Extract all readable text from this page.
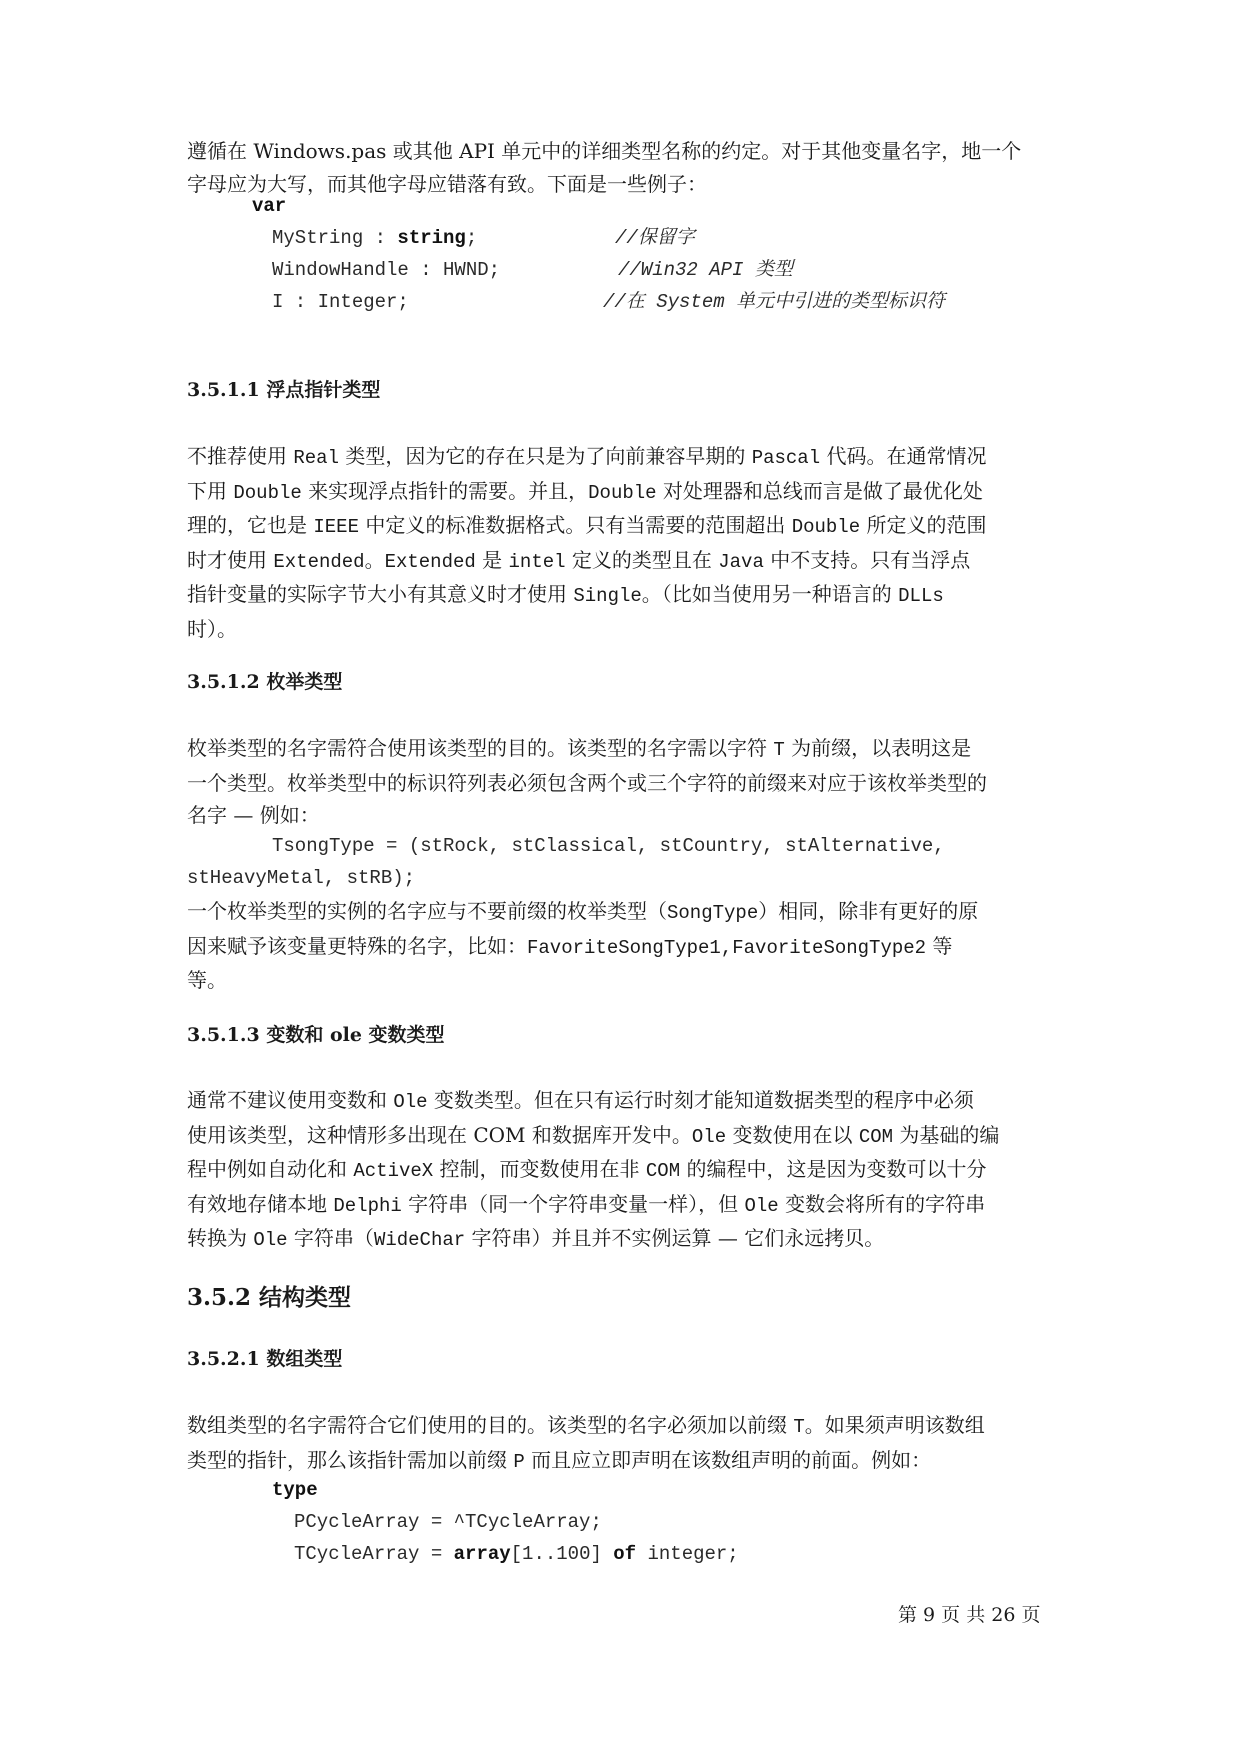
遵循在 Windows.pas 或其他 API 单元中的详细类型名称的约定。对于其他变量名字，地一个
字母应为大写，而其他字母应错落有致。下面是一些例子：

var
MyString : string;	//保留字
WindowHandle : HWND;	//Win32 API 类型
I : Integer;	//在 System 单元中引进的类型标识符
3.5.1.1 浮点指针类型

不推荐使用 Real 类型，因为它的存在只是为了向前兼容早期的 Pascal 代码。在通常情况
下用 Double 来实现浮点指针的需要。并且，Double 对处理器和总线而言是做了最优化处
理的，它也是 IEEE 中定义的标准数据格式。只有当需要的范围超出 Double 所定义的范围
时才使用 Extended。Extended 是 intel 定义的类型且在 Java 中不支持。只有当浮点
指针变量的实际字节大小有其意义时才使用 Single。（比如当使用另一种语言的 DLLs
时）。

3.5.1.2 枚举类型

枚举类型的名字需符合使用该类型的目的。该类型的名字需以字符 T 为前缀，以表明这是
一个类型。枚举类型中的标识符列表必须包含两个或三个字符的前缀来对应于该枚举类型的
名字 — 例如：

TsongType = (stRock, stClassical, stCountry, stAlternative,
stHeavyMetal, stRB);

一个枚举类型的实例的名字应与不要前缀的枚举类型（SongType）相同，除非有更好的原
因来赋予该变量更特殊的名字，比如：FavoriteSongType1,FavoriteSongType2 等
等。

3.5.1.3 变数和 ole 变数类型

通常不建议使用变数和 Ole 变数类型。但在只有运行时刻才能知道数据类型的程序中必须
使用该类型，这种情形多出现在 COM 和数据库开发中。Ole 变数使用在以 COM 为基础的编
程中例如自动化和 ActiveX 控制，而变数使用在非 COM 的编程中，这是因为变数可以十分
有效地存储本地 Delphi 字符串（同一个字符串变量一样），但 Ole 变数会将所有的字符串
转换为 Ole 字符串（WideChar 字符串）并且并不实例运算 — 它们永远拷贝。

3.5.2 结构类型
3.5.2.1 数组类型

数组类型的名字需符合它们使用的目的。该类型的名字必须加以前缀 T。如果须声明该数组
类型的指针，那么该指针需加以前缀 P 而且应立即声明在该数组声明的前面。例如：

type
PCycleArray = ^TCycleArray;
TCycleArray = array[1..100] of integer;
第 9 页 共 26 页
